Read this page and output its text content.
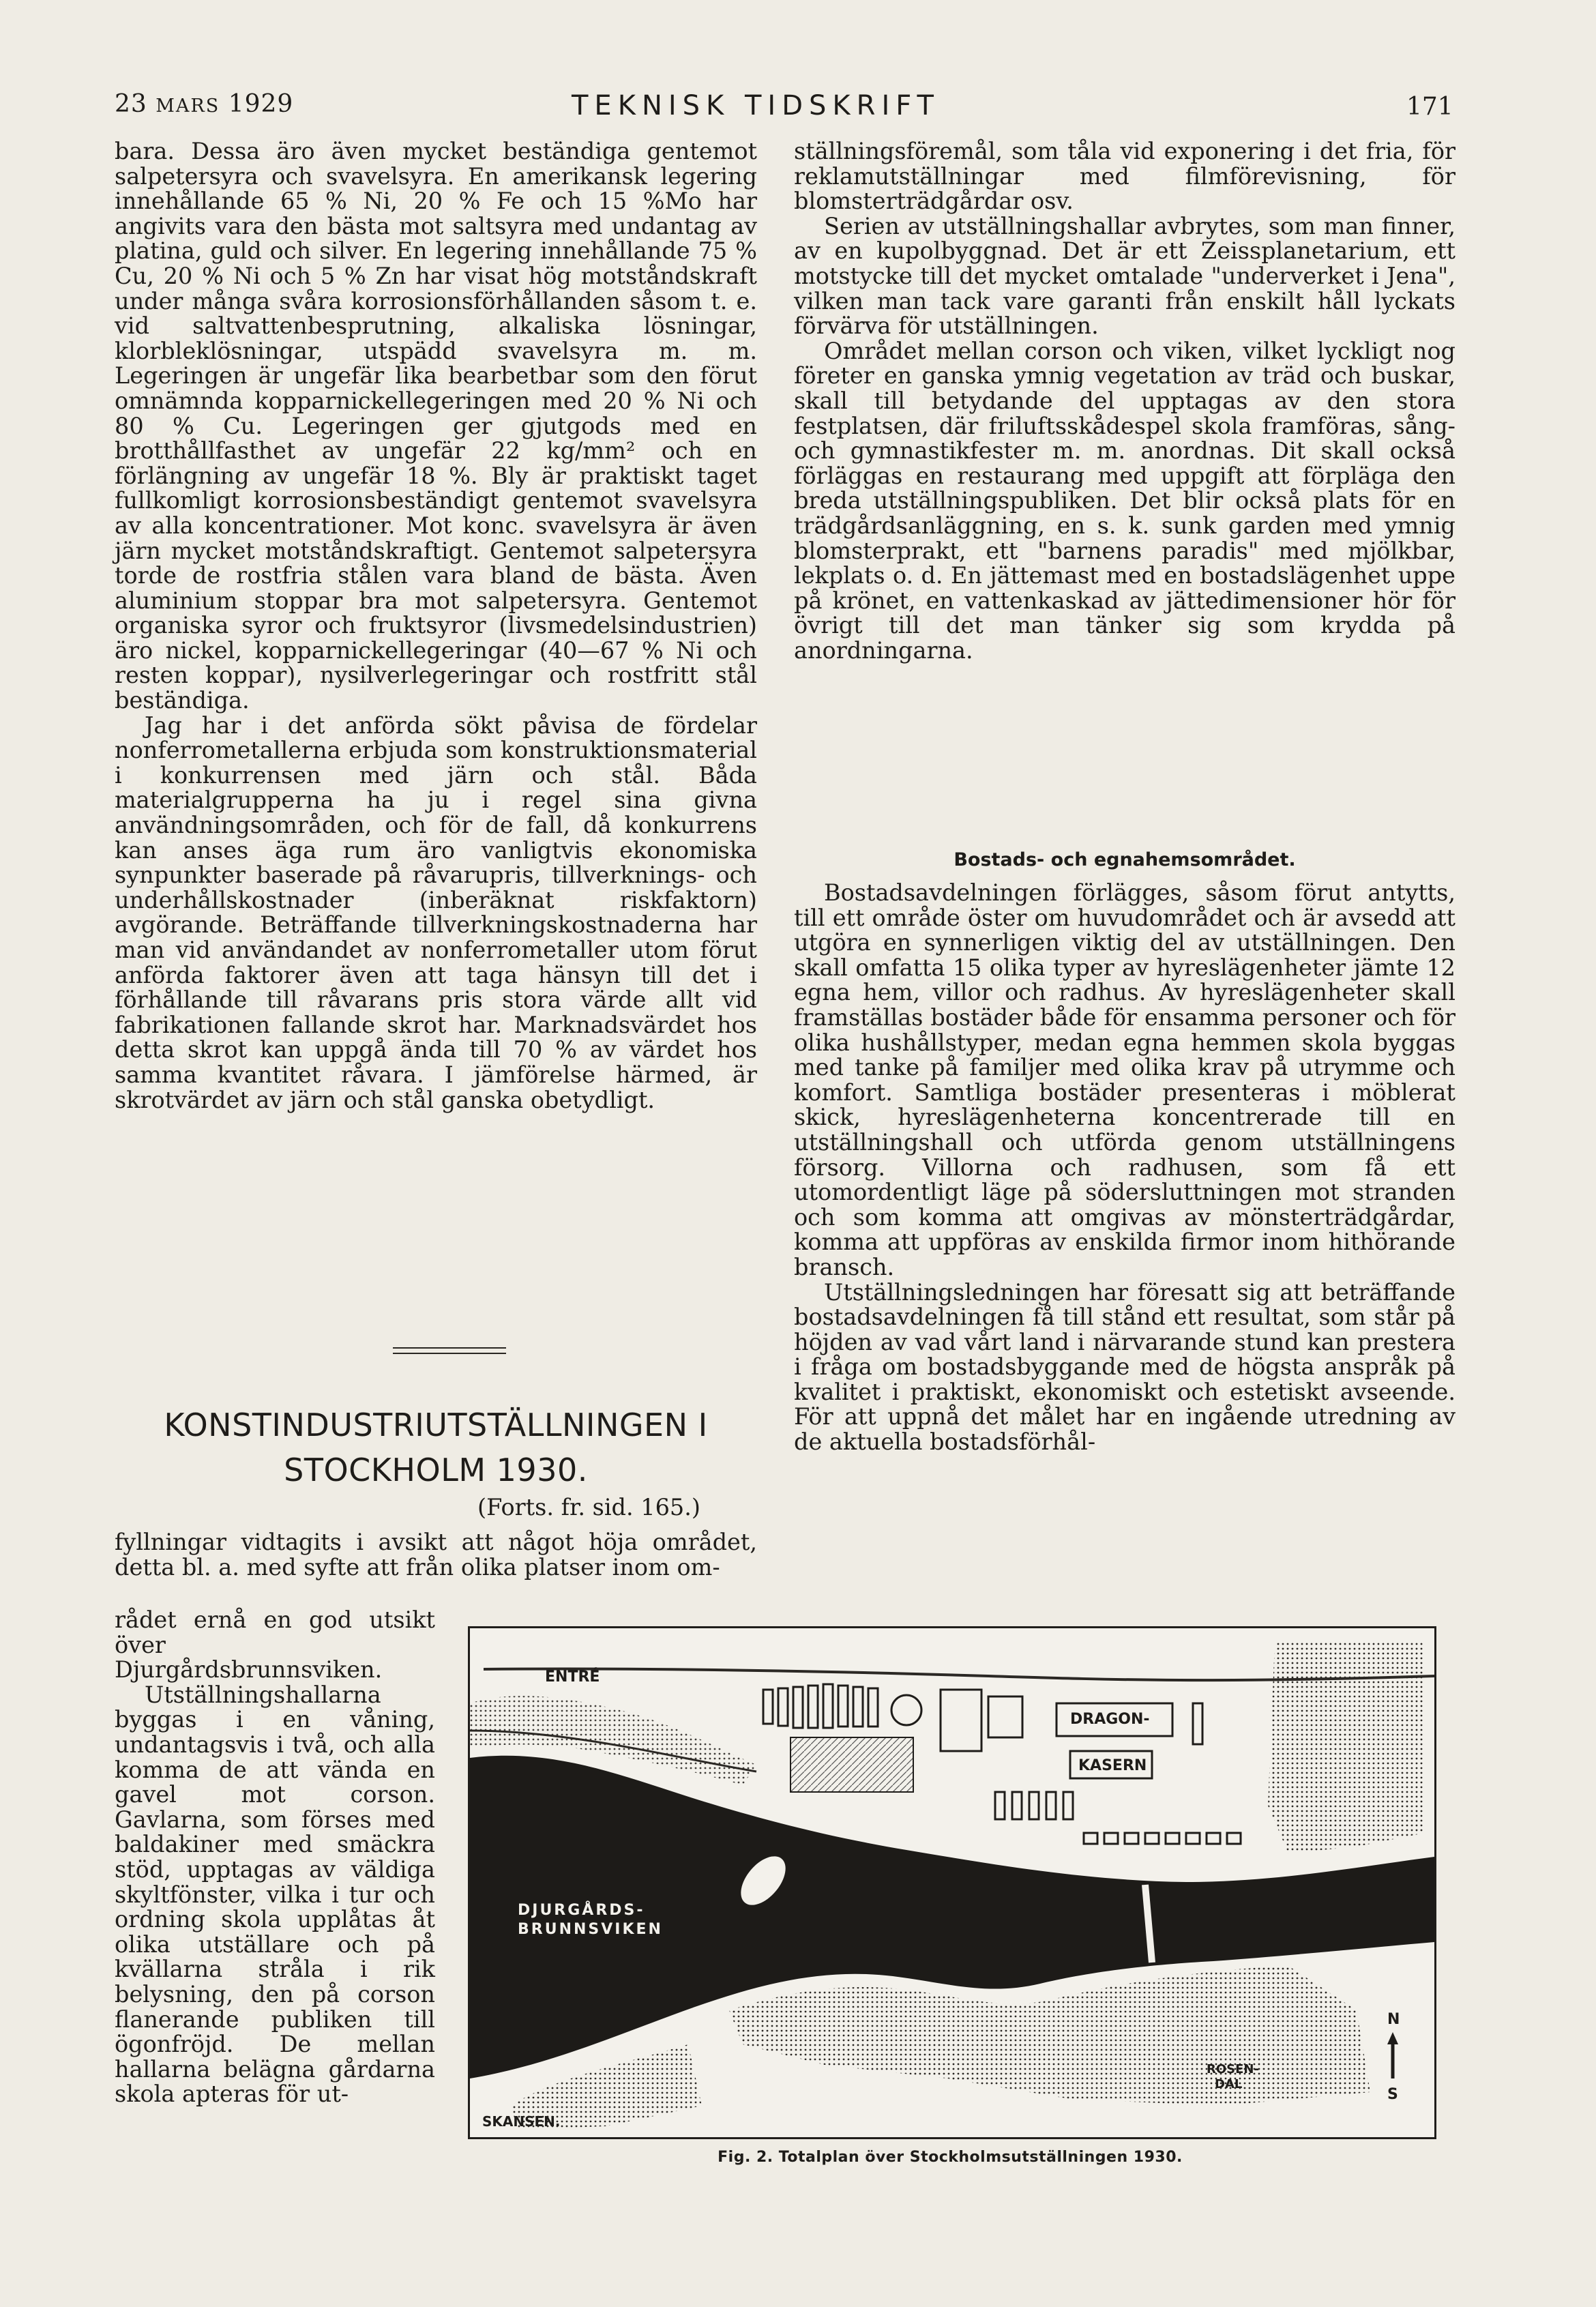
23 MARS 1929	TEKNISK TIDSKRIFT	171

bara. Dessa äro även mycket beständiga gentemot salpetersyra och svavelsyra. En amerikansk legering innehållande 65 % Ni, 20 % Fe och 15 %Mo har angivits vara den bästa mot saltsyra med undantag av platina, guld och silver. En legering innehållande 75 % Cu, 20 % Ni och 5 % Zn har visat hög motståndskraft under många svåra korrosionsförhållanden såsom t. e. vid saltvattenbesprutning, alkaliska lösningar, klorbleklösningar, utspädd svavelsyra m. m. Legeringen är ungefär lika bearbetbar som den förut omnämnda kopparnickellegeringen med 20 % Ni och 80 % Cu. Legeringen ger gjutgods med en brotthållfasthet av ungefär 22 kg/mm² och en förlängning av ungefär 18 %. Bly är praktiskt taget fullkomligt korrosionsbeständigt gentemot svavelsyra av alla koncentrationer. Mot konc. svavelsyra är även järn mycket motståndskraftigt. Gentemot salpetersyra torde de rostfria stålen vara bland de bästa. Även aluminium stoppar bra mot salpetersyra. Gentemot organiska syror och fruktsyror (livsmedelsindustrien) äro nickel, kopparnickellegeringar (40—67 % Ni och resten koppar), nysilverlegeringar och rostfritt stål beständiga.

Jag har i det anförda sökt påvisa de fördelar nonferrometallerna erbjuda som konstruktionsmaterial i konkurrensen med järn och stål. Båda materialgrupperna ha ju i regel sina givna användningsområden, och för de fall, då konkurrens kan anses äga rum äro vanligtvis ekonomiska synpunkter baserade på råvarupris, tillverknings- och underhållskostnader (inberäknat riskfaktorn) avgörande. Beträffande tillverkningskostnaderna har man vid användandet av nonferrometaller utom förut anförda faktorer även att taga hänsyn till det i förhållande till råvarans pris stora värde allt vid fabrikationen fallande skrot har. Marknadsvärdet hos detta skrot kan uppgå ända till 70 % av värdet hos samma kvantitet råvara. I jämförelse härmed, är skrotvärdet av järn och stål ganska obetydligt.

KONSTINDUSTRIUTSTÄLLNINGEN I
STOCKHOLM 1930.
(Forts. fr. sid. 165.)

fyllningar vidtagits i avsikt att något höja området, detta bl. a. med syfte att från olika platser inom om-

rådet ernå en god utsikt över Djurgårdsbrunnsviken.

Utställningshallarna byggas i en våning, undantagsvis i två, och alla komma de att vända en gavel mot corson. Gavlarna, som förses med baldakiner med smäckra stöd, upptagas av väldiga skyltfönster, vilka i tur och ordning skola upplåtas åt olika utställare och på kvällarna stråla i rik belysning, den på corson flanerande publiken till ögonfröjd. De mellan hallarna belägna gårdarna skola apteras för ut-

ställningsföremål, som tåla vid exponering i det fria, för reklamutställningar med filmförevisning, för blomsterträdgårdar osv.

Serien av utställningshallar avbrytes, som man finner, av en kupolbyggnad. Det är ett Zeissplanetarium, ett motstycke till det mycket omtalade "underverket i Jena", vilken man tack vare garanti från enskilt håll lyckats förvärva för utställningen.

Området mellan corson och viken, vilket lyckligt nog företer en ganska ymnig vegetation av träd och buskar, skall till betydande del upptagas av den stora festplatsen, där friluftsskådespel skola framföras, sång- och gymnastikfester m. m. anordnas. Dit skall också förläggas en restaurang med uppgift att förpläga den breda utställningspubliken. Det blir också plats för en trädgårdsanläggning, en s. k. sunk garden med ymnig blomsterprakt, ett "barnens paradis" med mjölkbar, lekplats o. d. En jättemast med en bostadslägenhet uppe på krönet, en vattenkaskad av jättedimensioner hör för övrigt till det man tänker sig som krydda på anordningarna.

Bostads- och egnahemsområdet.

Bostadsavdelningen förlägges, såsom förut antytts, till ett område öster om huvudområdet och är avsedd att utgöra en synnerligen viktig del av utställningen. Den skall omfatta 15 olika typer av hyreslägenheter jämte 12 egna hem, villor och radhus. Av hyreslägenheter skall framställas bostäder både för ensamma personer och för olika hushållstyper, medan egna hemmen skola byggas med tanke på familjer med olika krav på utrymme och komfort. Samtliga bostäder presenteras i möblerat skick, hyreslägenheterna koncentrerade till en utställningshall och utförda genom utställningens försorg. Villorna och radhusen, som få ett utomordentligt läge på södersluttningen mot stranden och som komma att omgivas av mönsterträdgårdar, komma att uppföras av enskilda firmor inom hithörande bransch.

Utställningsledningen har föresatt sig att beträffande bostadsavdelningen få till stånd ett resultat, som står på höjden av vad vårt land i närvarande stund kan prestera i fråga om bostadsbyggande med de högsta anspråk på kvalitet i praktiskt, ekonomiskt och estetiskt avseende. För att uppnå det målet har en ingående utredning av de aktuella bostadsförhål-

ENTRÉ
DRAGON-
KASERN
DJURGÅRDS-
BRUNNSVIKEN
ROSEN-
DAL
SKANSEN.
N
S
Fig. 2. Totalplan över Stockholmsutställningen 1930.
